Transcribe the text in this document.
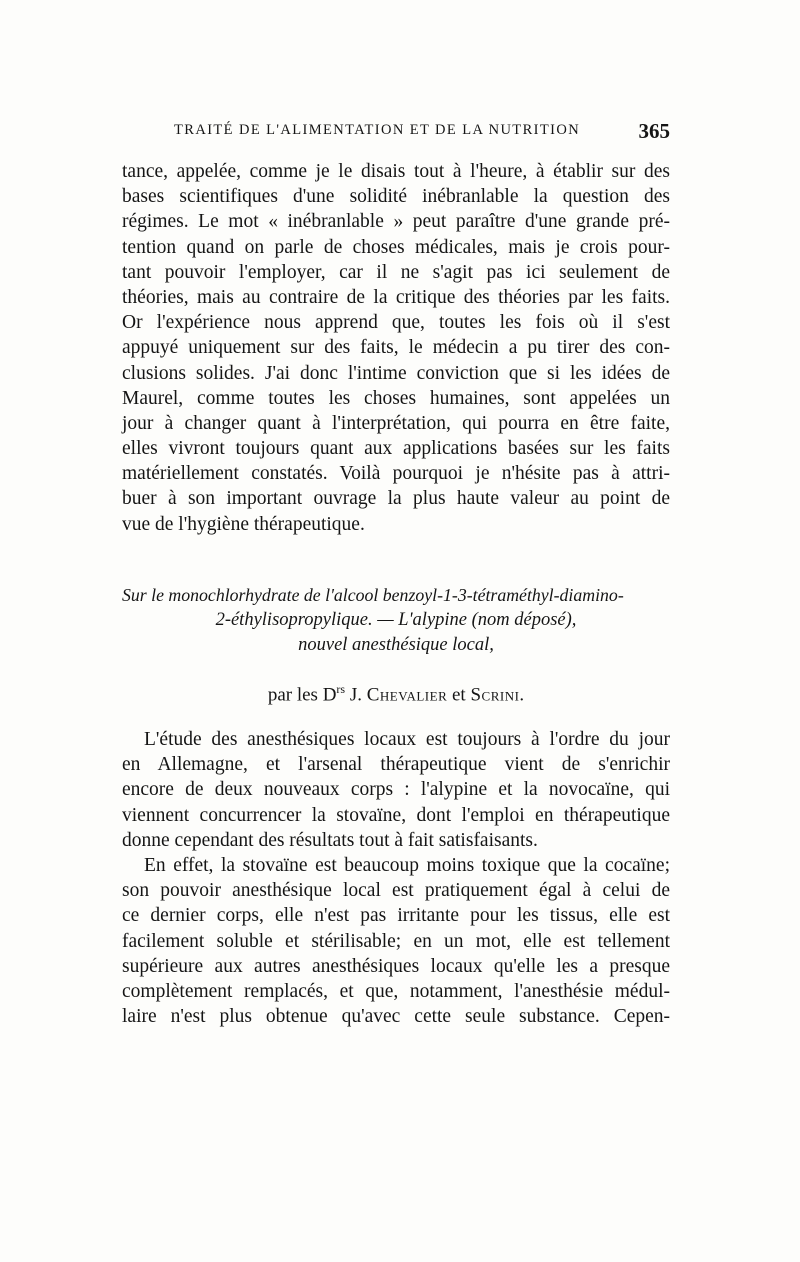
TRAITÉ DE L'ALIMENTATION ET DE LA NUTRITION	365
tance, appelée, comme je le disais tout à l'heure, à établir sur des
bases scientifiques d'une solidité inébranlable la question des
régimes. Le mot « inébranlable » peut paraître d'une grande pré-
tention quand on parle de choses médicales, mais je crois pour-
tant pouvoir l'employer, car il ne s'agit pas ici seulement de
théories, mais au contraire de la critique des théories par les faits.
Or l'expérience nous apprend que, toutes les fois où il s'est
appuyé uniquement sur des faits, le médecin a pu tirer des con-
clusions solides. J'ai donc l'intime conviction que si les idées de
Maurel, comme toutes les choses humaines, sont appelées un
jour à changer quant à l'interprétation, qui pourra en être faite,
elles vivront toujours quant aux applications basées sur les faits
matériellement constatés. Voilà pourquoi je n'hésite pas à attri-
buer à son important ouvrage la plus haute valeur au point de
vue de l'hygiène thérapeutique.
Sur le monochlorhydrate de l'alcool benzoyl-1-3-tétraméthyl-diamino-
2-éthylisopropylique. — L'alypine (nom déposé),
nouvel anesthésique local,
par les $D^{rs}$ J. Chevalier et Scrini.
L'étude des anesthésiques locaux est toujours à l'ordre du jour
en Allemagne, et l'arsenal thérapeutique vient de s'enrichir
encore de deux nouveaux corps : l'alypine et la novocaïne, qui
viennent concurrencer la stovaïne, dont l'emploi en thérapeutique
donne cependant des résultats tout à fait satisfaisants.
En effet, la stovaïne est beaucoup moins toxique que la cocaïne;
son pouvoir anesthésique local est pratiquement égal à celui de
ce dernier corps, elle n'est pas irritante pour les tissus, elle est
facilement soluble et stérilisable; en un mot, elle est tellement
supérieure aux autres anesthésiques locaux qu'elle les a presque
complètement remplacés, et que, notamment, l'anesthésie médul-
laire n'est plus obtenue qu'avec cette seule substance. Cepen-
